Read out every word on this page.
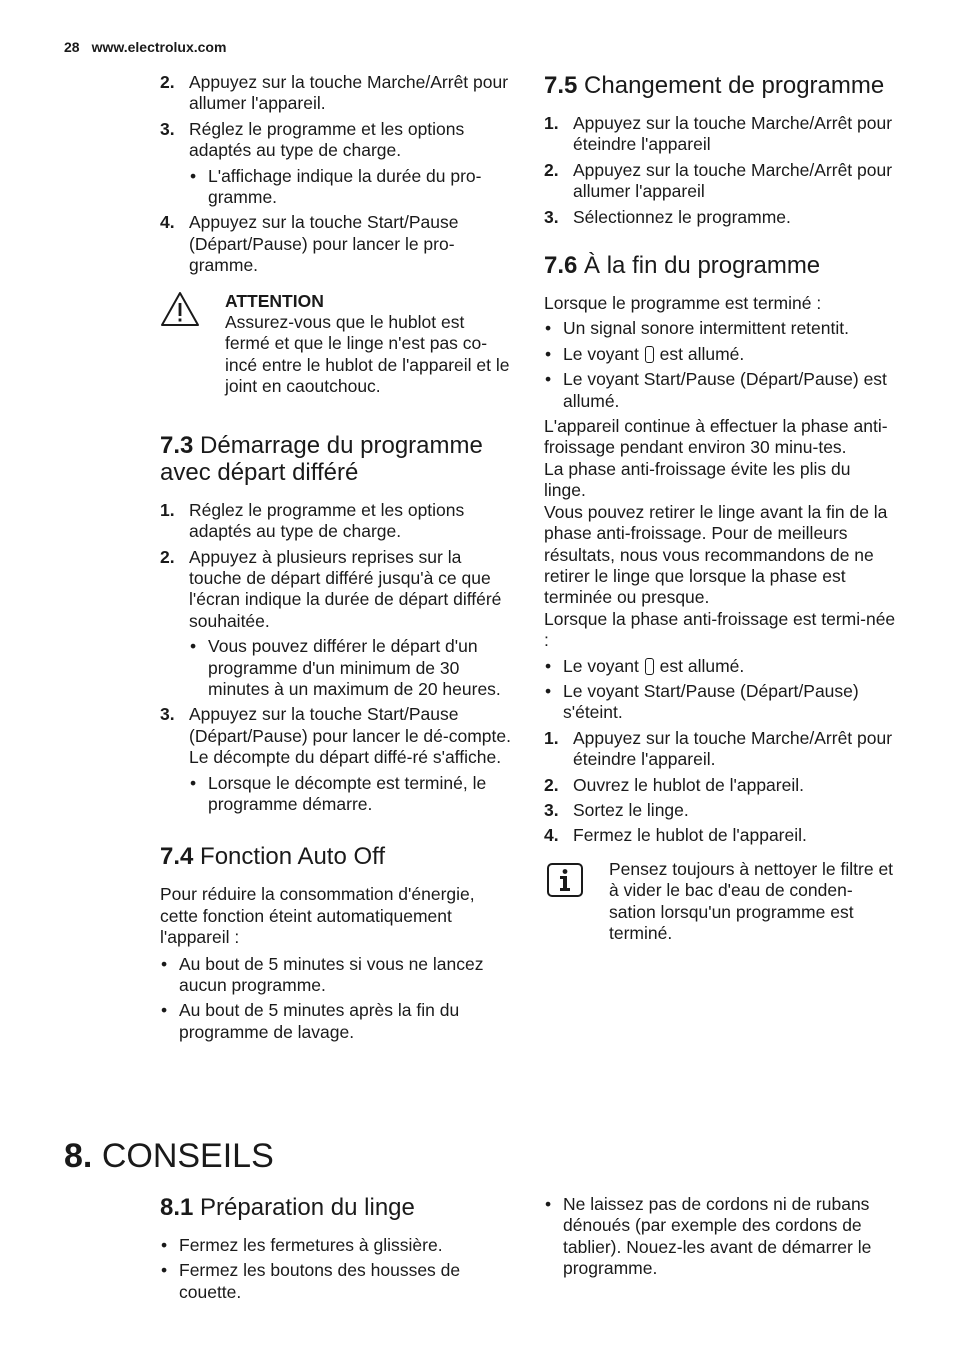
28 www.electrolux.com
2. Appuyez sur la touche Marche/Arrêt pour allumer l'appareil.
3. Réglez le programme et les options adaptés au type de charge.
• L'affichage indique la durée du pro-gramme.
4. Appuyez sur la touche Start/Pause (Départ/Pause) pour lancer le pro-gramme.
ATTENTION
Assurez-vous que le hublot est fermé et que le linge n'est pas co-incé entre le hublot de l'appareil et le joint en caoutchouc.
7.3 Démarrage du programme avec départ différé
1. Réglez le programme et les options adaptés au type de charge.
2. Appuyez à plusieurs reprises sur la touche de départ différé jusqu'à ce que l'écran indique la durée de départ différé souhaitée.
• Vous pouvez différer le départ d'un programme d'un minimum de 30 minutes à un maximum de 20 heures.
3. Appuyez sur la touche Start/Pause (Départ/Pause) pour lancer le dé-compte. Le décompte du départ diffé-ré s'affiche.
• Lorsque le décompte est terminé, le programme démarre.
7.4 Fonction Auto Off

Pour réduire la consommation d'énergie, cette fonction éteint automatiquement l'appareil :

• Au bout de 5 minutes si vous ne lancez aucun programme.
• Au bout de 5 minutes après la fin du programme de lavage.
7.5 Changement de programme
1. Appuyez sur la touche Marche/Arrêt pour éteindre l'appareil
2. Appuyez sur la touche Marche/Arrêt pour allumer l'appareil
3. Sélectionnez le programme.
7.6 À la fin du programme

Lorsque le programme est terminé :

• Un signal sonore intermittent retentit.
• Le voyant est allumé.
• Le voyant Start/Pause (Départ/Pause) est allumé.

L'appareil continue à effectuer la phase anti-froissage pendant environ 30 minu-tes.

La phase anti-froissage évite les plis du linge.

Vous pouvez retirer le linge avant la fin de la phase anti-froissage. Pour de meilleurs résultats, nous vous recommandons de ne retirer le linge que lorsque la phase est terminée ou presque.

Lorsque la phase anti-froissage est termi-née :

• Le voyant est allumé.
• Le voyant Start/Pause (Départ/Pause) s'éteint.
1. Appuyez sur la touche Marche/Arrêt pour éteindre l'appareil.
2. Ouvrez le hublot de l'appareil.
3. Sortez le linge.
4. Fermez le hublot de l'appareil.
Pensez toujours à nettoyer le filtre et à vider le bac d'eau de conden-sation lorsqu'un programme est terminé.
8. CONSEILS
8.1 Préparation du linge
• Fermez les fermetures à glissière.
• Fermez les boutons des housses de couette.
• Ne laissez pas de cordons ni de rubans dénoués (par exemple des cordons de tablier). Nouez-les avant de démarrer le programme.
